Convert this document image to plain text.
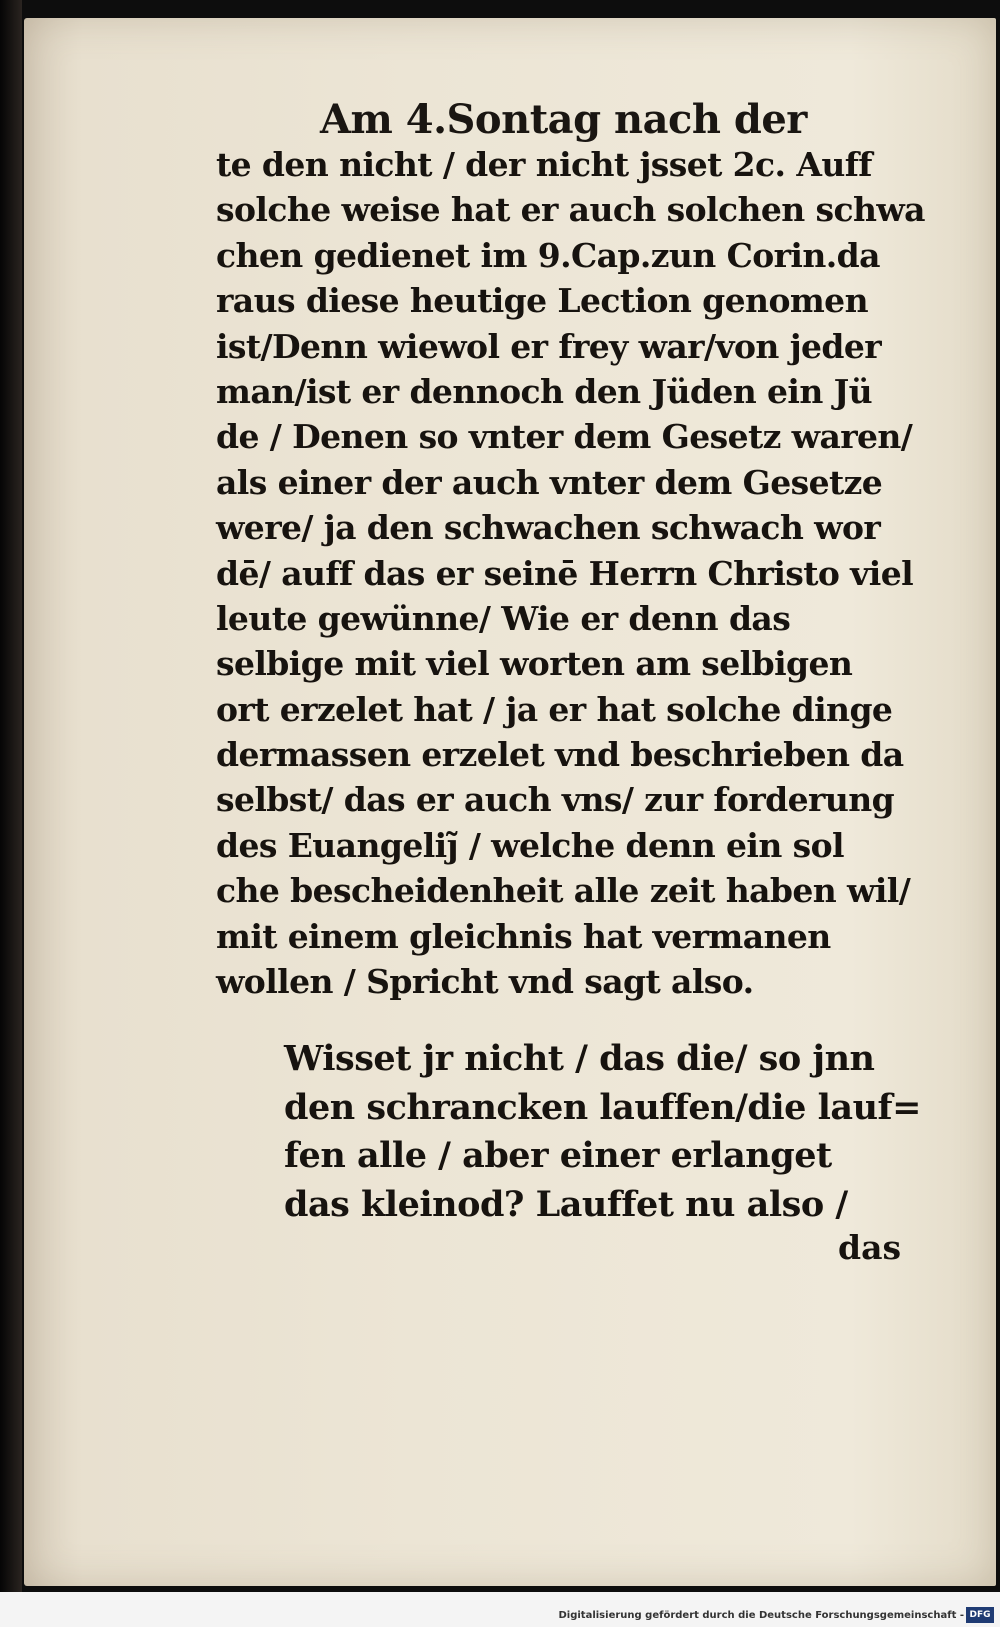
Am 4.Sontag nach der
te den nicht / der nicht jsset 2c. Auff
solche weise hat er auch solchen schwa
chen gedienet im 9.Cap.zun Corin.da
raus diese heutige Lection genomen
ist/Denn wiewol er frey war/von jeder
man/ist er dennoch den Jüden ein Jü
de / Denen so vnter dem Gesetz waren/
als einer der auch vnter dem Gesetze
were/ ja den schwachen schwach wor
dē/ auff das er seinē Herrn Christo viel
leute gewünne/ Wie er denn das
selbige mit viel worten am selbigen
ort erzelet hat / ja er hat solche dinge
dermassen erzelet vnd beschrieben da
selbst/ das er auch vns/ zur forderung
des Euangeliȷ̃ / welche denn ein sol
che bescheidenheit alle zeit haben wil/
mit einem gleichnis hat vermanen
wollen / Spricht vnd sagt also.
Wisset jr nicht / das die/ so jnn
den schrancken lauffen/die lauf=
fen alle / aber einer erlanget
das kleinod? Lauffet nu also /
das
Digitalisierung gefördert durch die Deutsche Forschungsgemeinschaft - DFG
